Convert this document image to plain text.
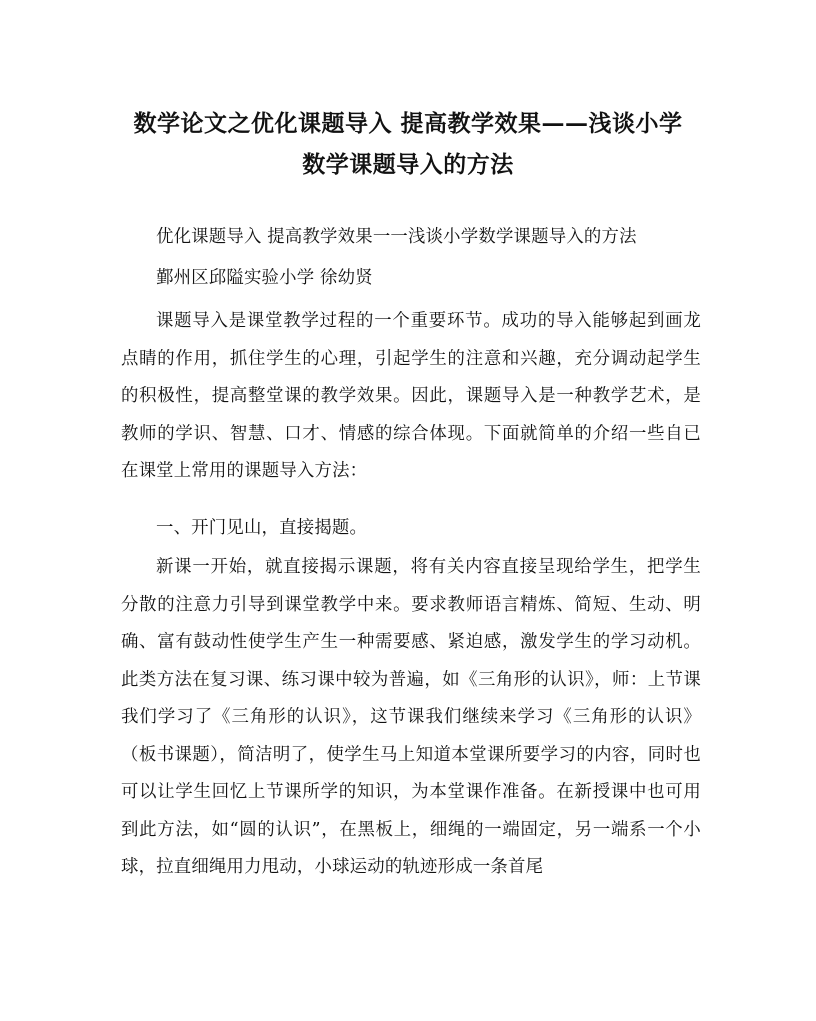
数学论文之优化课题导入 提高教学效果——浅谈小学
数学课题导入的方法
优化课题导入 提高教学效果一一浅谈小学数学课题导入的方法
鄞州区邱隘实验小学 徐幼贤

课题导入是课堂教学过程的一个重要环节。成功的导入能够起到画龙点睛的作用，抓住学生的心理，引起学生的注意和兴趣，充分调动起学生的积极性，提高整堂课的教学效果。因此，课题导入是一种教学艺术，是教师的学识、智慧、口才、情感的综合体现。下面就简单的介绍一些自已在课堂上常用的课题导入方法：

一、开门见山，直接揭题。

新课一开始，就直接揭示课题，将有关内容直接呈现给学生，把学生分散的注意力引导到课堂教学中来。要求教师语言精炼、简短、生动、明确、富有鼓动性使学生产生一种需要感、紧迫感，激发学生的学习动机。此类方法在复习课、练习课中较为普遍，如《三角形的认识》，师：上节课我们学习了《三角形的认识》，这节课我们继续来学习《三角形的认识》（板书课题），简洁明了，使学生马上知道本堂课所要学习的内容，同时也可以让学生回忆上节课所学的知识，为本堂课作准备。在新授课中也可用到此方法，如“圆的认识”，在黑板上，细绳的一端固定，另一端系一个小球，拉直细绳用力甩动，小球运动的轨迹形成一条首尾
